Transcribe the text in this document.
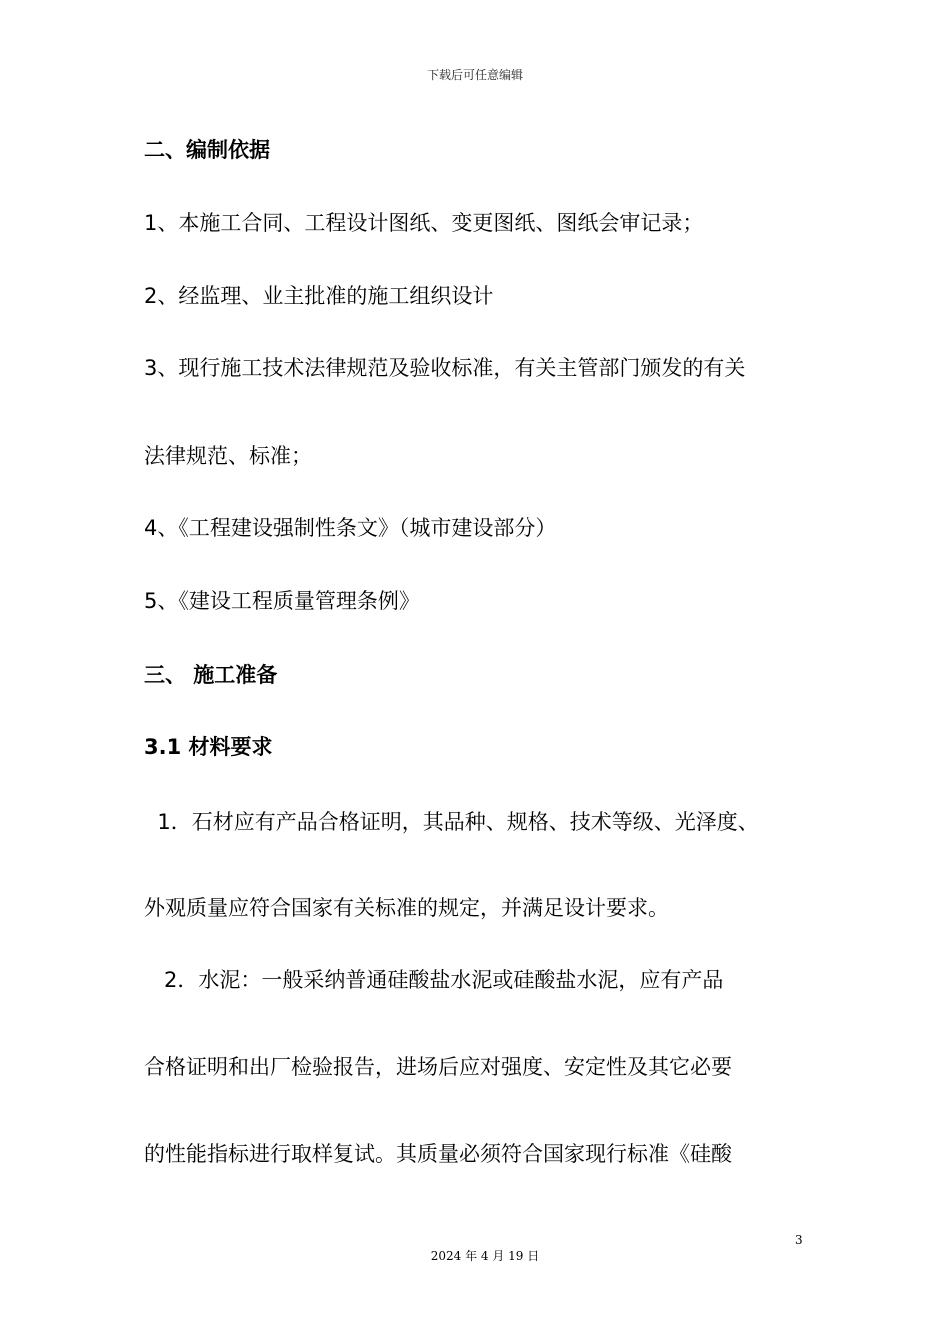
下载后可任意编辑
二、编制依据
1、本施工合同、工程设计图纸、变更图纸、图纸会审记录；
2、经监理、业主批准的施工组织设计
3、现行施工技术法律规范及验收标准，有关主管部门颁发的有关
法律规范、标准；
4、《工程建设强制性条文》（城市建设部分）
5、《建设工程质量管理条例》
三、 施工准备
3.1 材料要求
1．石材应有产品合格证明，其品种、规格、技术等级、光泽度、
外观质量应符合国家有关标准的规定，并满足设计要求。
2．水泥：一般采纳普通硅酸盐水泥或硅酸盐水泥，应有产品
合格证明和出厂检验报告，进场后应对强度、安定性及其它必要
的性能指标进行取样复试。其质量必须符合国家现行标准《硅酸
3
2024 年 4 月 19 日
